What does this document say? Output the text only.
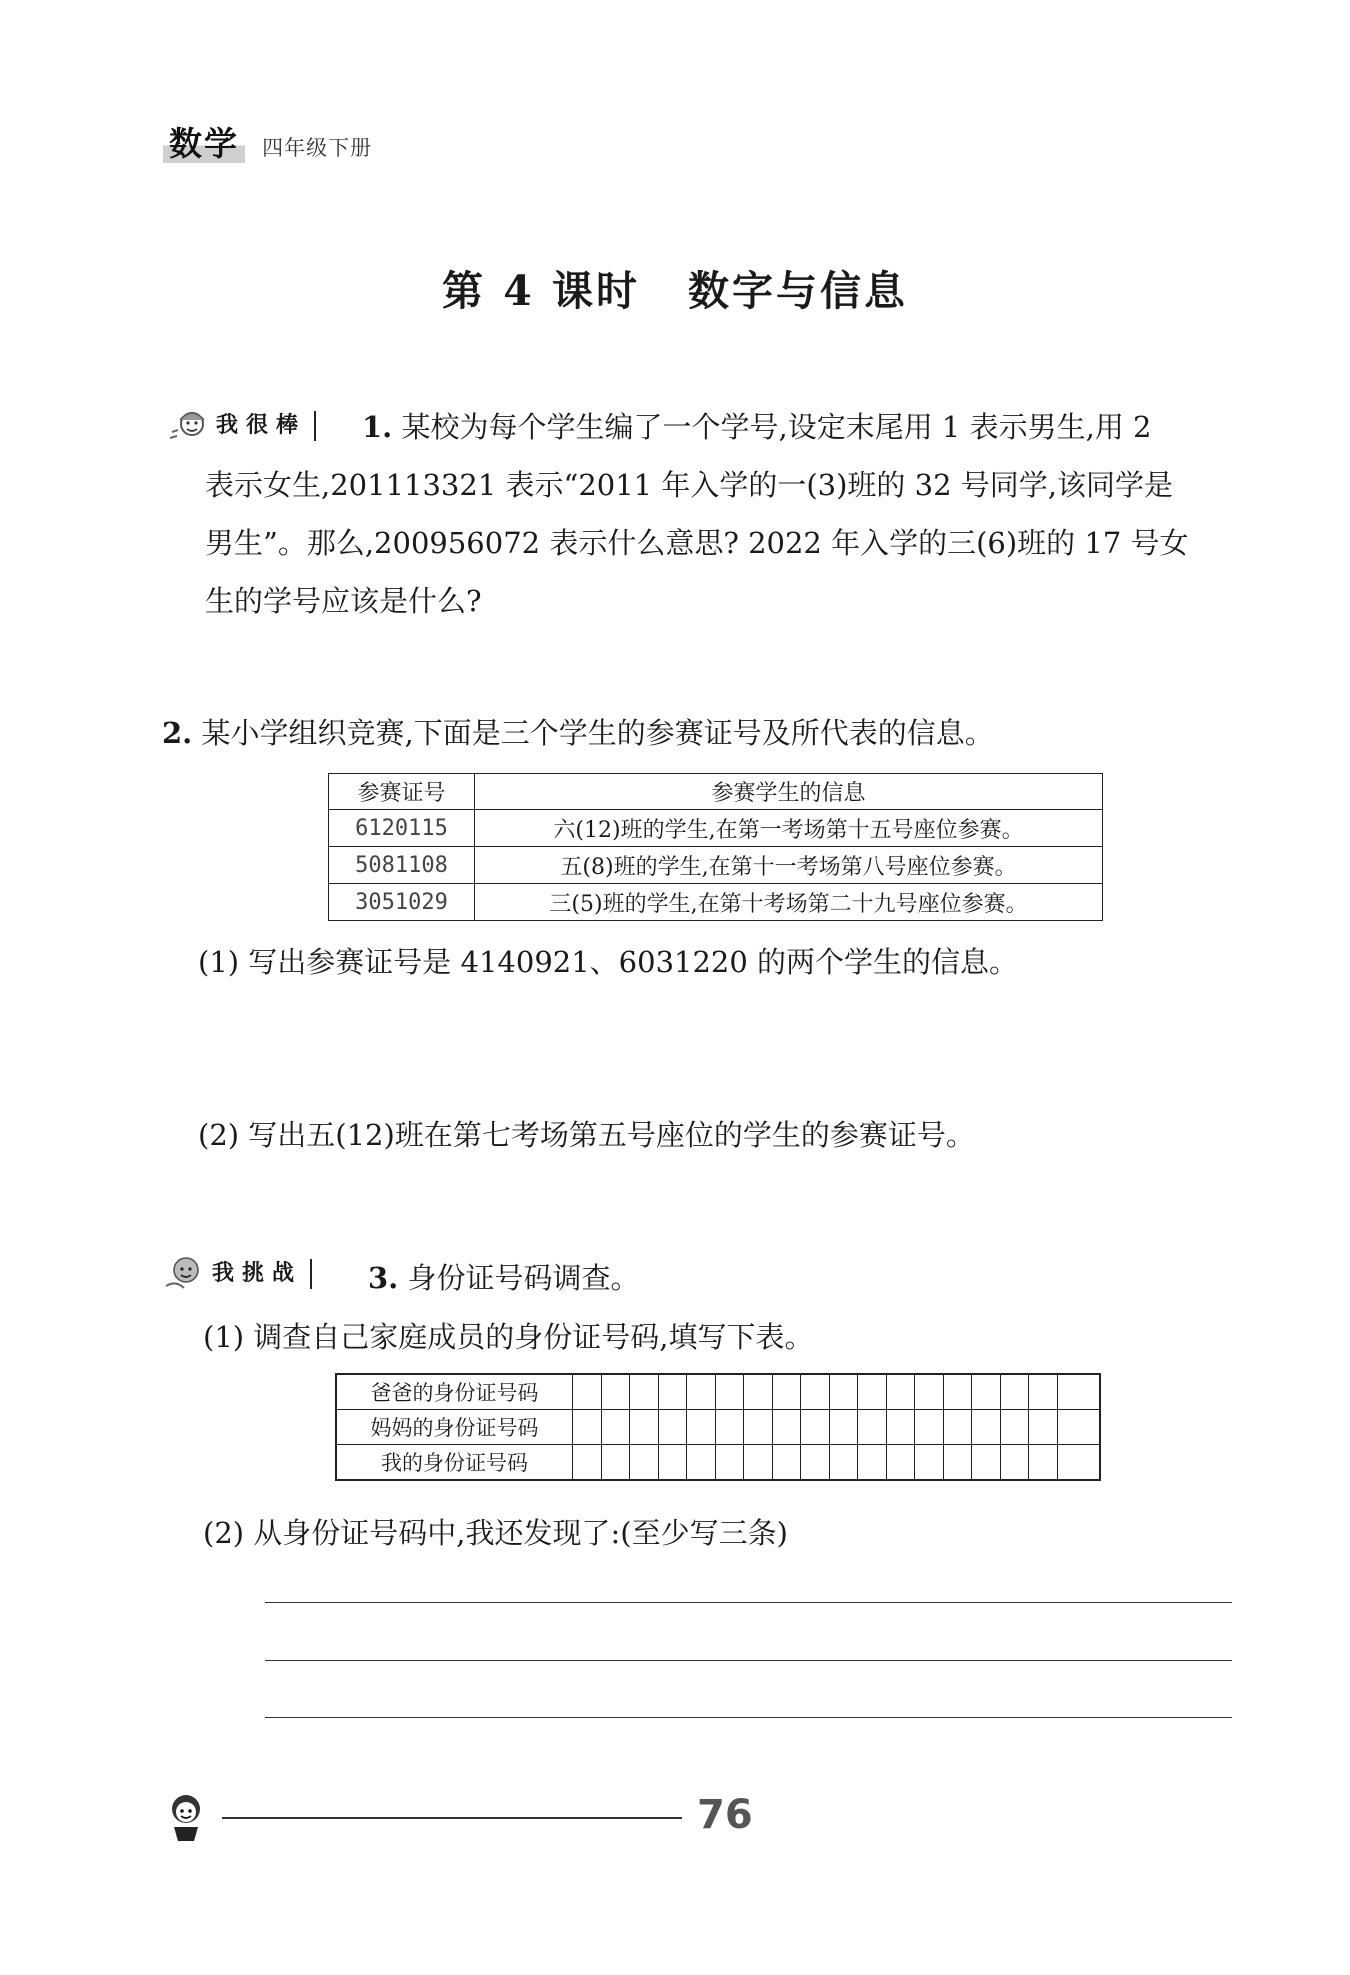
数学 四年级下册
第 4 课时 数字与信息
我很棒	1. 某校为每个学生编了一个学号,设定末尾用 1 表示男生,用 2
表示女生,201113321 表示“2011 年入学的一(3)班的 32 号同学,该同学是
男生”。那么,200956072 表示什么意思? 2022 年入学的三(6)班的 17 号女
生的学号应该是什么?
2. 某小学组织竞赛,下面是三个学生的参赛证号及所代表的信息。
参赛证号	参赛学生的信息
6120115	六(12)班的学生,在第一考场第十五号座位参赛。
5081108	五(8)班的学生,在第十一考场第八号座位参赛。
3051029	三(5)班的学生,在第十考场第二十九号座位参赛。
(1) 写出参赛证号是 4140921、6031220 的两个学生的信息。
(2) 写出五(12)班在第七考场第五号座位的学生的参赛证号。
我挑战	3. 身份证号码调查。
(1) 调查自己家庭成员的身份证号码,填写下表。
爸爸的身份证号码																		
妈妈的身份证号码																		
我的身份证号码																		
(2) 从身份证号码中,我还发现了:(至少写三条)
76
